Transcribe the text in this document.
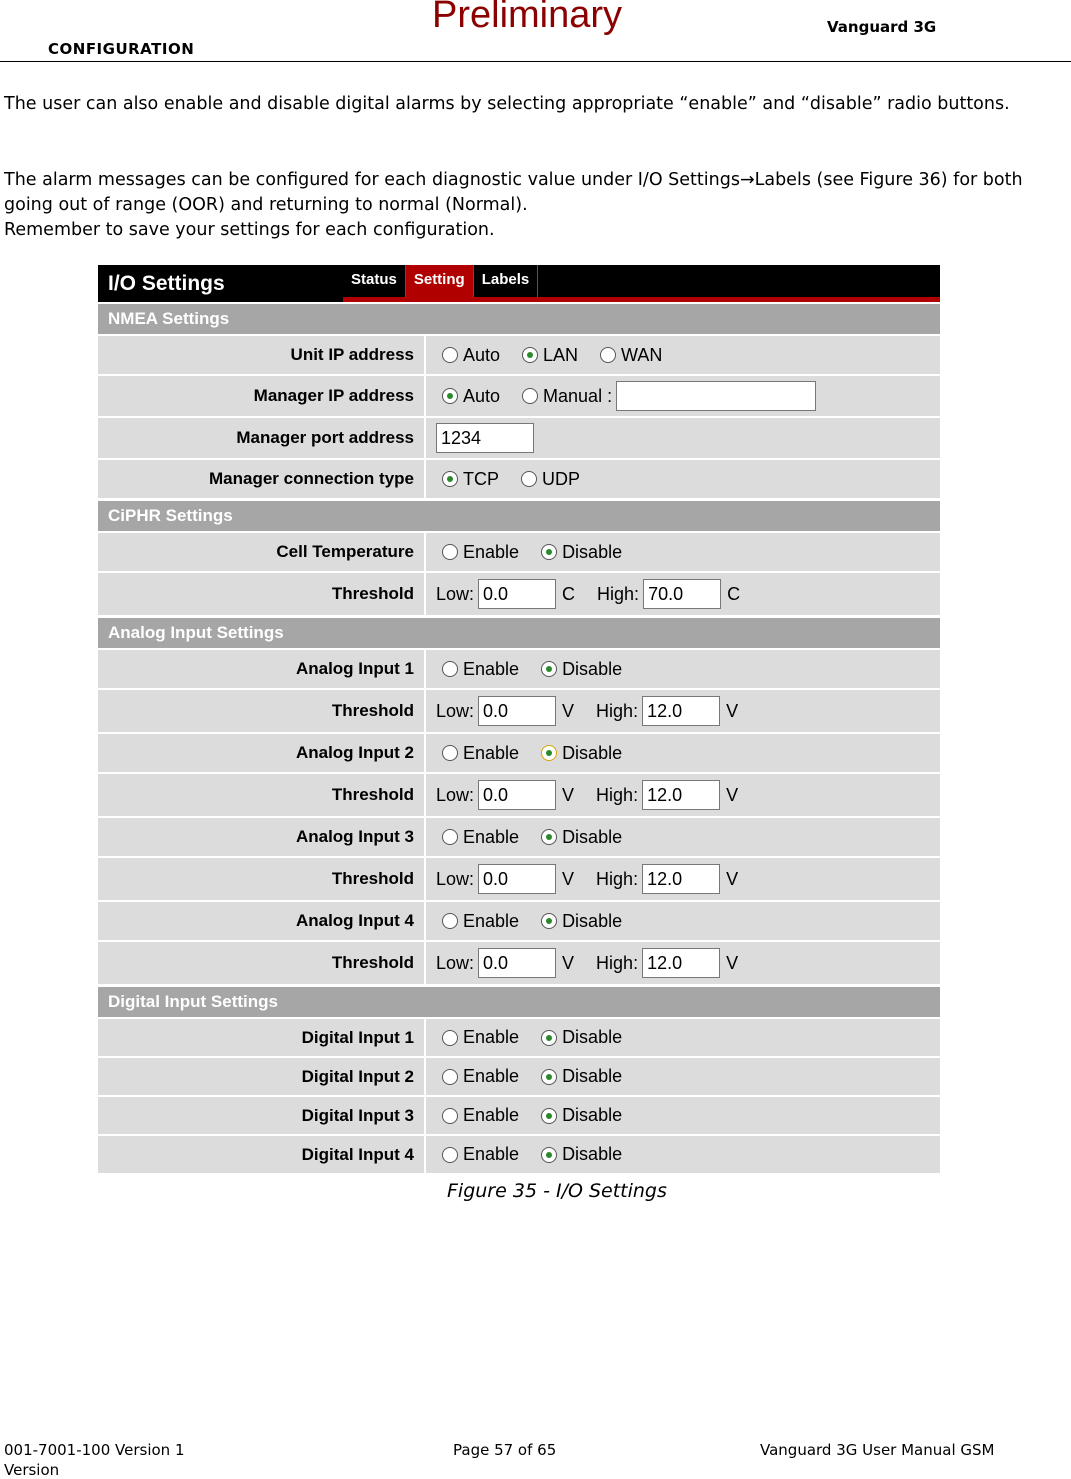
CONFIGURATION
Preliminary	Vanguard 3G
The user can also enable and disable digital alarms by selecting appropriate “enable” and “disable” radio buttons.
The alarm messages can be configured for each diagnostic value under I/O Settings→Labels (see Figure 36) for both going out of range (OOR) and returning to normal (Normal).
Remember to save your settings for each configuration.
I/O Settings	Status	Setting	Labels
NMEA Settings
Unit IP address	Auto LAN WAN
Manager IP address	Auto Manual :
Manager port address	1234
Manager connection type	TCP UDP
CiPHR Settings
Cell Temperature	Enable Disable
Threshold	Low: 0.0	C High: 70.0	C
Analog Input Settings
Analog Input 1	Enable Disable
Threshold	Low: 0.0	V High: 12.0	V
Analog Input 2	Enable Disable
Threshold	Low: 0.0	V High: 12.0	V
Analog Input 3	Enable Disable
Threshold	Low: 0.0	V High: 12.0	V
Analog Input 4	Enable Disable
Threshold	Low: 0.0	V High: 12.0	V
Digital Input Settings
Digital Input 1	Enable Disable
Digital Input 2	Enable Disable
Digital Input 3	Enable Disable
Digital Input 4	Enable Disable
Figure 35 - I/O Settings
001-7001-100 Version 1	Page 57 of 65	Vanguard 3G User Manual GSM
Version
